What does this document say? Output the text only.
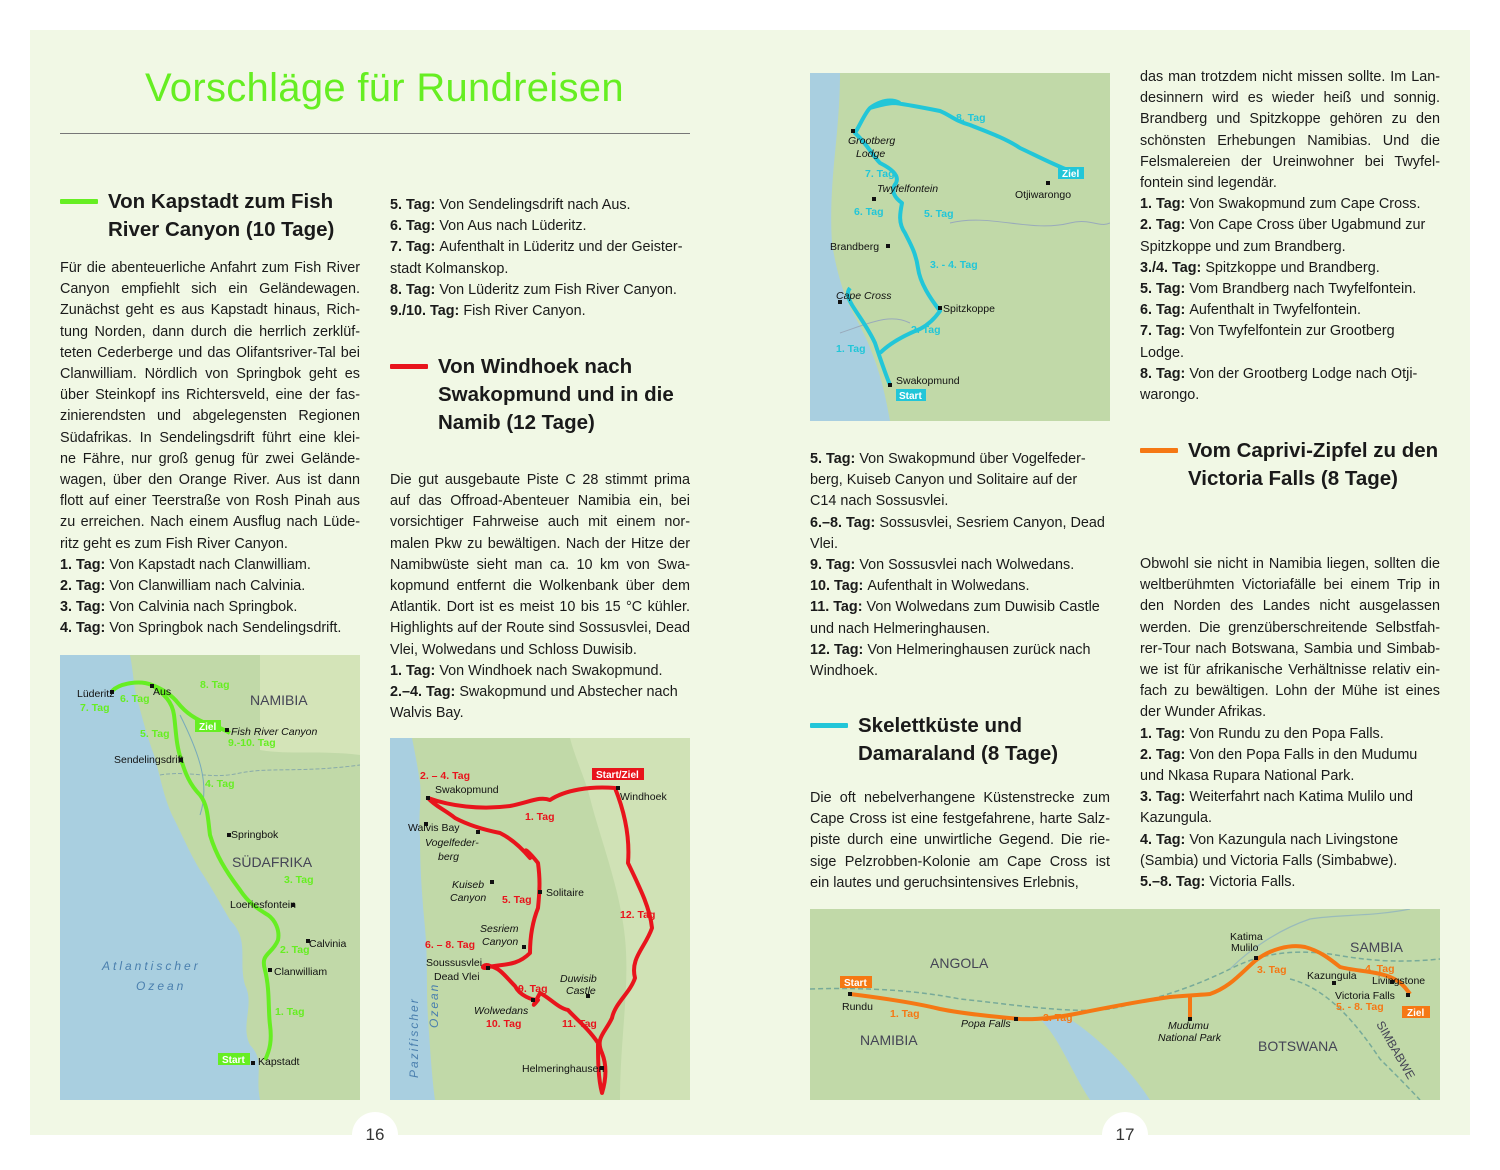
Vorschläge für Rundreisen
Von Kapstadt zum Fish River Canyon (10 Tage)
Für die abenteuerliche Anfahrt zum Fish River
Canyon empfiehlt sich ein Geländewagen.
Zunächst geht es aus Kapstadt hinaus, Rich-
tung Norden, dann durch die herrlich zerklüf-
teten Cederberge und das Olifantsriver-Tal bei
Clanwilliam. Nördlich von Springbok geht es
über Steinkopf ins Richtersveld, eine der fas-
zinierendsten und abgelegensten Regionen
Südafrikas. In Sendelingsdrift führt eine klei-
ne Fähre, nur groß genug für zwei Gelände-
wagen, über den Orange River. Aus ist dann
flott auf einer Teerstraße von Rosh Pinah aus
zu erreichen. Nach einem Ausflug nach Lüde-
ritz geht es zum Fish River Canyon.
1. Tag: Von Kapstadt nach Clanwilliam.
2. Tag: Von Clanwilliam nach Calvinia.
3. Tag: Von Calvinia nach Springbok.
4. Tag: Von Springbok nach Sendelingsdrift.
5. Tag: Von Sendelingsdrift nach Aus.
6. Tag: Von Aus nach Lüderitz.
7. Tag: Aufenthalt in Lüderitz und der Geister-
stadt Kolmanskop.
8. Tag: Von Lüderitz zum Fish River Canyon.
9./10. Tag: Fish River Canyon.
Von Windhoek nach Swakopmund und in die Namib (12 Tage)
Die gut ausgebaute Piste C 28 stimmt prima
auf das Offroad-Abenteuer Namibia ein, bei
vorsichtiger Fahrweise auch mit einem nor-
malen Pkw zu bewältigen. Nach der Hitze der
Namibwüste sieht man ca. 10 km von Swa-
kopmund entfernt die Wolkenbank über dem
Atlantik. Dort ist es meist 10 bis 15 °C kühler.
Highlights auf der Route sind Sossusvlei, Dead
Vlei, Wolwedans und Schloss Duwisib.
1. Tag: Von Windhoek nach Swakopmund.
2.–4. Tag: Swakopmund und Abstecher nach
Walvis Bay.
NAMIBIA
SÜDAFRIKA
Atlantischer
Ozean
Lüderitz	Aus
Fish River Canyon
Sendelingsdrift
Springbok
Loeriesfontein
Calvinia
Clanwilliam
Kapstadt
7. Tag
6. Tag
8. Tag
5. Tag
9.-10. Tag
4. Tag
3. Tag
2. Tag
1. Tag
Ziel
Start	Pazifischer Ozean
Swakopmund
Windhoek
Walvis Bay
Vogelfeder-
berg
Solitaire
Kuiseb
Canyon
Sesriem
Canyon
Soussusvlei
Dead Vlei	Duwisib
Castle
Wolwedans
Helmeringhausen
2. – 4. Tag
1. Tag
5. Tag
12. Tag
6. – 8. Tag
9. Tag
10. Tag	11. Tag
Start/Ziel
16
Grootberg
Lodge
Twyfelfontein
Brandberg
Cape Cross
Spitzkoppe
Swakopmund
Otjiwarongo
8. Tag
7. Tag
6. Tag	5. Tag
3. - 4. Tag
2. Tag
1. Tag
Ziel
Start
5. Tag: Von Swakopmund über Vogelfeder-
berg, Kuiseb Canyon und Solitaire auf der
C14 nach Sossusvlei.
6.–8. Tag: Sossusvlei, Sesriem Canyon, Dead
Vlei.
9. Tag: Von Sossusvlei nach Wolwedans.
10. Tag: Aufenthalt in Wolwedans.
11. Tag: Von Wolwedans zum Duwisib Castle
und nach Helmeringhausen.
12. Tag: Von Helmeringhausen zurück nach
Windhoek.
Skelettküste und Damaraland (8 Tage)
Die oft nebelverhangene Küstenstrecke zum
Cape Cross ist eine festgefahrene, harte Salz-
piste durch eine unwirtliche Gegend. Die rie-
sige Pelzrobben-Kolonie am Cape Cross ist
ein lautes und geruchsintensives Erlebnis,
das man trotzdem nicht missen sollte. Im Lan-
desinnern wird es wieder heiß und sonnig.
Brandberg und Spitzkoppe gehören zu den
schönsten Erhebungen Namibias. Und die
Felsmalereien der Ureinwohner bei Twyfel-
fontein sind legendär.
1. Tag: Von Swakopmund zum Cape Cross.
2. Tag: Von Cape Cross über Ugabmund zur
Spitzkoppe und zum Brandberg.
3./4. Tag: Spitzkoppe und Brandberg.
5. Tag: Vom Brandberg nach Twyfelfontein.
6. Tag: Aufenthalt in Twyfelfontein.
7. Tag: Von Twyfelfontein zur Grootberg
Lodge.
8. Tag: Von der Grootberg Lodge nach Otji-
warongo.
Vom Caprivi-Zipfel zu den Victoria Falls (8 Tage)
Obwohl sie nicht in Namibia liegen, sollten die
weltberühmten Victoriafälle bei einem Trip in
den Norden des Landes nicht ausgelassen
werden. Die grenzüberschreitende Selbstfah-
rer-Tour nach Botswana, Sambia und Simbab-
we ist für afrikanische Verhältnisse relativ ein-
fach zu bewältigen. Lohn der Mühe ist eines
der Wunder Afrikas.
1. Tag: Von Rundu zu den Popa Falls.
2. Tag: Von den Popa Falls in den Mudumu
und Nkasa Rupara National Park.
3. Tag: Weiterfahrt nach Katima Mulilo und
Kazungula.
4. Tag: Von Kazungula nach Livingstone
(Sambia) und Victoria Falls (Simbabwe).
5.–8. Tag: Victoria Falls.
ANGOLA
NAMIBIA	BOTSWANA
SAMBIA
SIMBABWE
Rundu
Popa Falls	Mudumu
National Park
Katima
Mulilo
Kazungula Livingstone
Victoria Falls
1. Tag	2. Tag
3. Tag	4. Tag
5. - 8. Tag
Start
Ziel
17
